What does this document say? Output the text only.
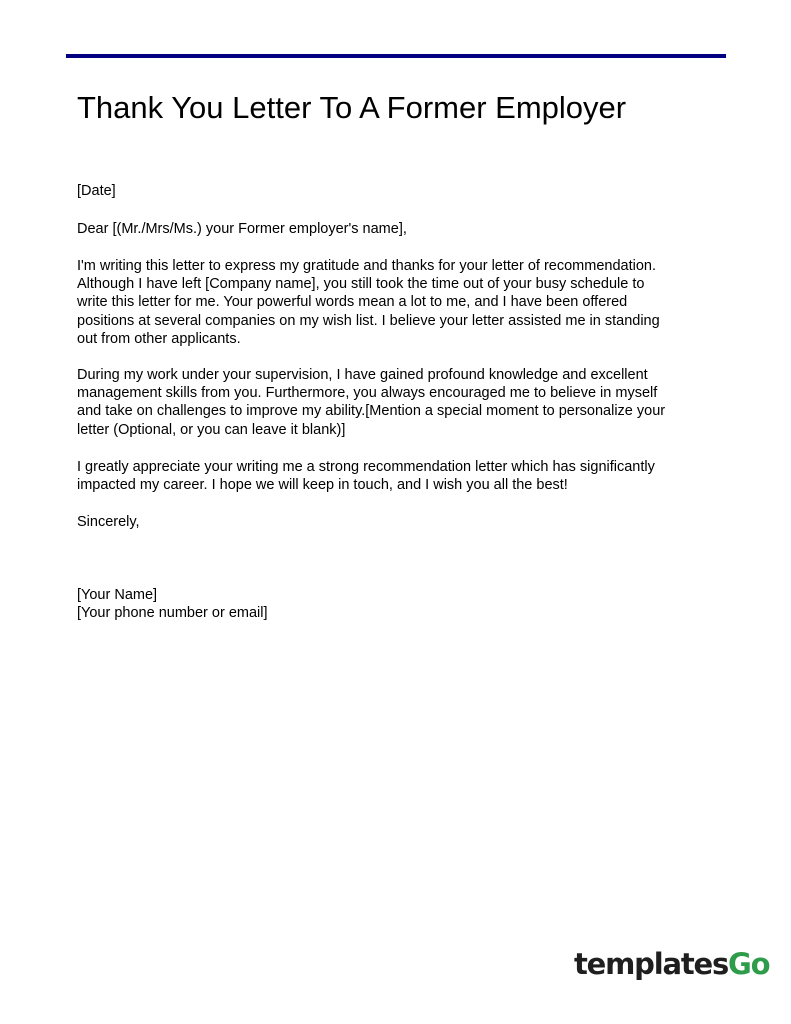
Thank You Letter To A Former Employer

[Date]

Dear [(Mr./Mrs/Ms.) your Former employer's name],

I'm writing this letter to express my gratitude and thanks for your letter of recommendation.
Although I have left [Company name], you still took the time out of your busy schedule to
write this letter for me. Your powerful words mean a lot to me, and I have been offered
positions at several companies on my wish list. I believe your letter assisted me in standing
out from other applicants.

During my work under your supervision, I have gained profound knowledge and excellent
management skills from you. Furthermore, you always encouraged me to believe in myself
and take on challenges to improve my ability.[Mention a special moment to personalize your
letter (Optional, or you can leave it blank)]

I greatly appreciate your writing me a strong recommendation letter which has significantly
impacted my career. I hope we will keep in touch, and I wish you all the best!

Sincerely,

[Your Name]

[Your phone number or email]

templates Go
